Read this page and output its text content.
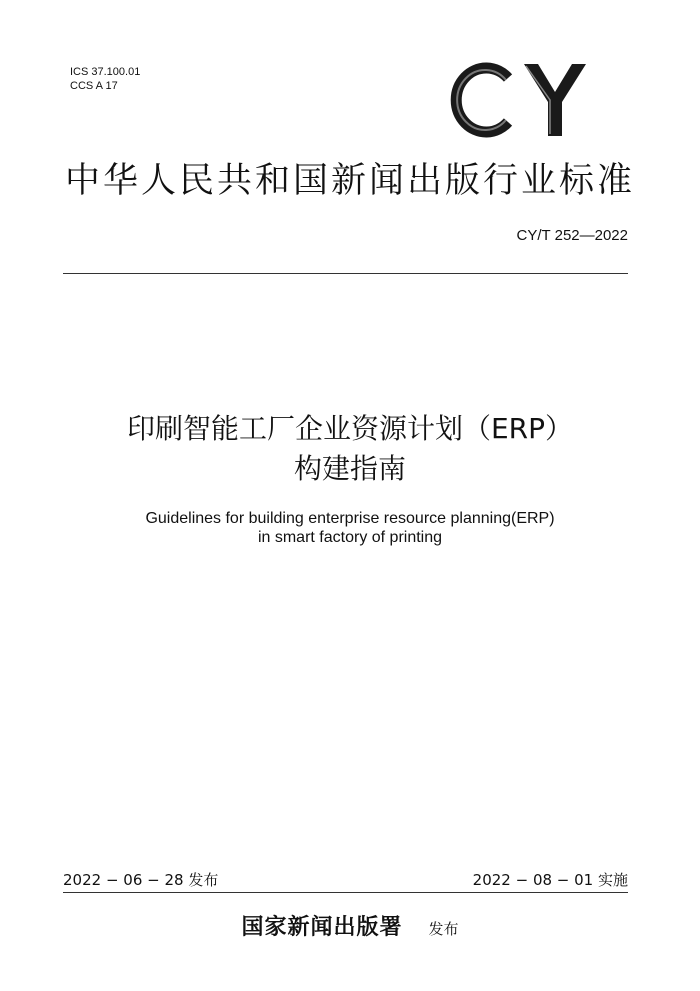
ICS 37.100.01
CCS A 17
中华人民共和国新闻出版行业标准
CY/T 252—2022
印刷智能工厂企业资源计划（ERP）
构建指南
Guidelines for building enterprise resource planning(ERP)
in smart factory of printing
2022 − 06 − 28 发布	2022 − 08 − 01 实施
国家新闻出版署 发布
